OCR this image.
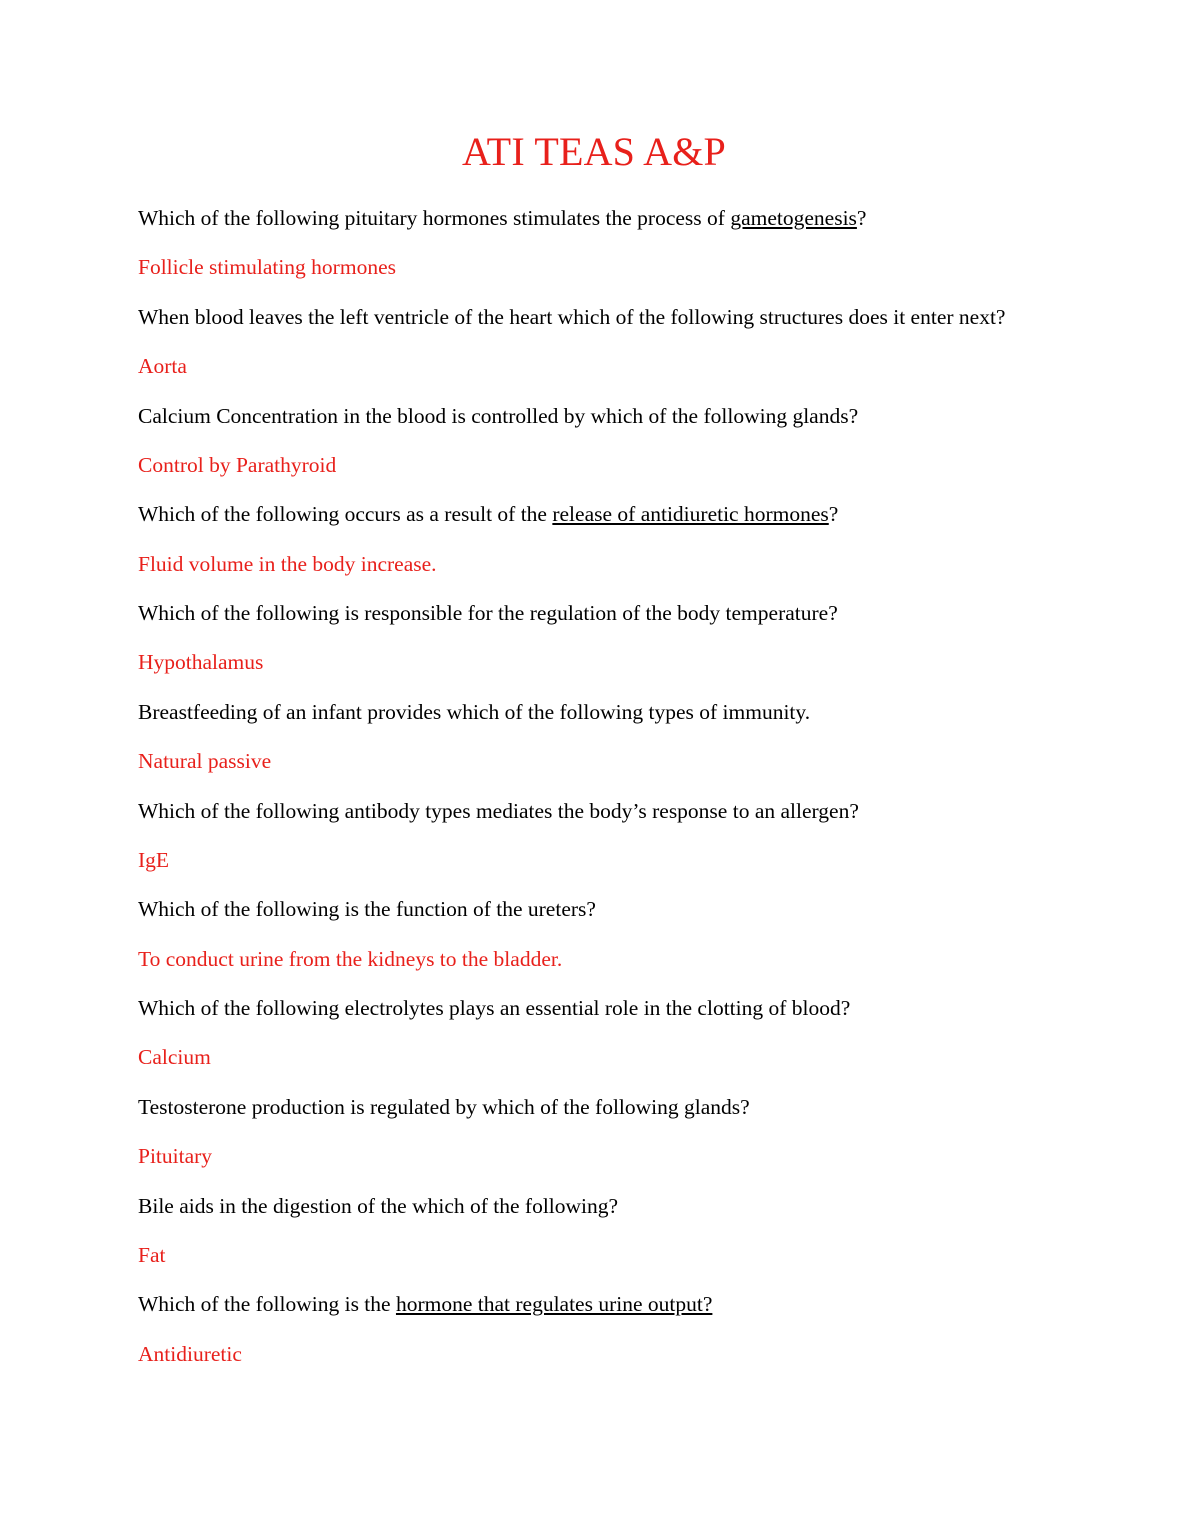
ATI TEAS A&P

Which of the following pituitary hormones stimulates the process of gametogenesis?

Follicle stimulating hormones

When blood leaves the left ventricle of the heart which of the following structures does it enter next?

Aorta

Calcium Concentration in the blood is controlled by which of the following glands?

Control by Parathyroid

Which of the following occurs as a result of the release of antidiuretic hormones?

Fluid volume in the body increase.

Which of the following is responsible for the regulation of the body temperature?

Hypothalamus

Breastfeeding of an infant provides which of the following types of immunity.

Natural passive

Which of the following antibody types mediates the body’s response to an allergen?

IgE

Which of the following is the function of the ureters?

To conduct urine from the kidneys to the bladder.

Which of the following electrolytes plays an essential role in the clotting of blood?

Calcium

Testosterone production is regulated by which of the following glands?

Pituitary

Bile aids in the digestion of the which of the following?

Fat

Which of the following is the hormone that regulates urine output?

Antidiuretic
